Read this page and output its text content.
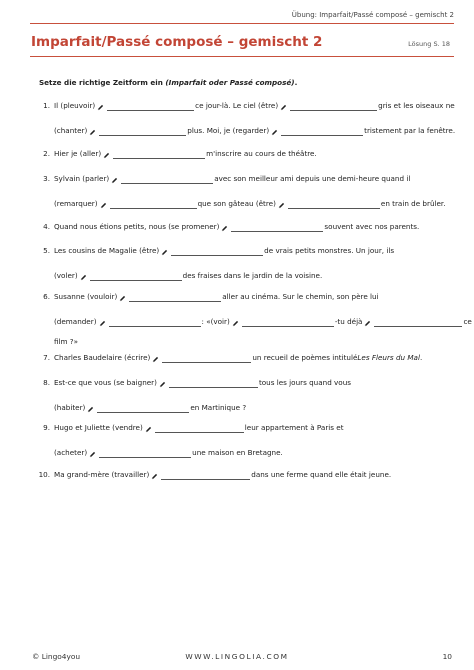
Übung: Imparfait/Passé composé – gemischt 2
Imparfait/Passé composé – gemischt 2	Lösung S. 18
Setze die richtige Zeitform ein (Imparfait oder Passé composé).
1. Il (pleuvoir)	ce jour-là. Le ciel (être)	gris et les oiseaux ne
(chanter)	plus. Moi, je (regarder)	tristement par la fenêtre.
2. Hier je (aller)	m'inscrire au cours de théâtre.
3. Sylvain (parler)	avec son meilleur ami depuis une demi-heure quand il
(remarquer)	que son gâteau (être)	en train de brûler.
4. Quand nous étions petits, nous (se promener)	souvent avec nos parents.
5. Les cousins de Magalie (être)	de vrais petits monstres. Un jour, ils
(voler)	des fraises dans le jardin de la voisine.
6. Susanne (vouloir)	aller au cinéma. Sur le chemin, son père lui
(demander)	: «(voir)	-tu déjà	ce
film ?»
7. Charles Baudelaire (écrire)	un recueil de poèmes intitulé Les Fleurs du Mal .
8. Est-ce que vous (se baigner)	tous les jours quand vous
(habiter)	en Martinique ?
9. Hugo et Juliette (vendre)	leur appartement à Paris et
(acheter)	une maison en Bretagne.
10. Ma grand-mère (travailler)	dans une ferme quand elle était jeune.
© Lingo4you	WWW.LINGOLIA.COM	10
